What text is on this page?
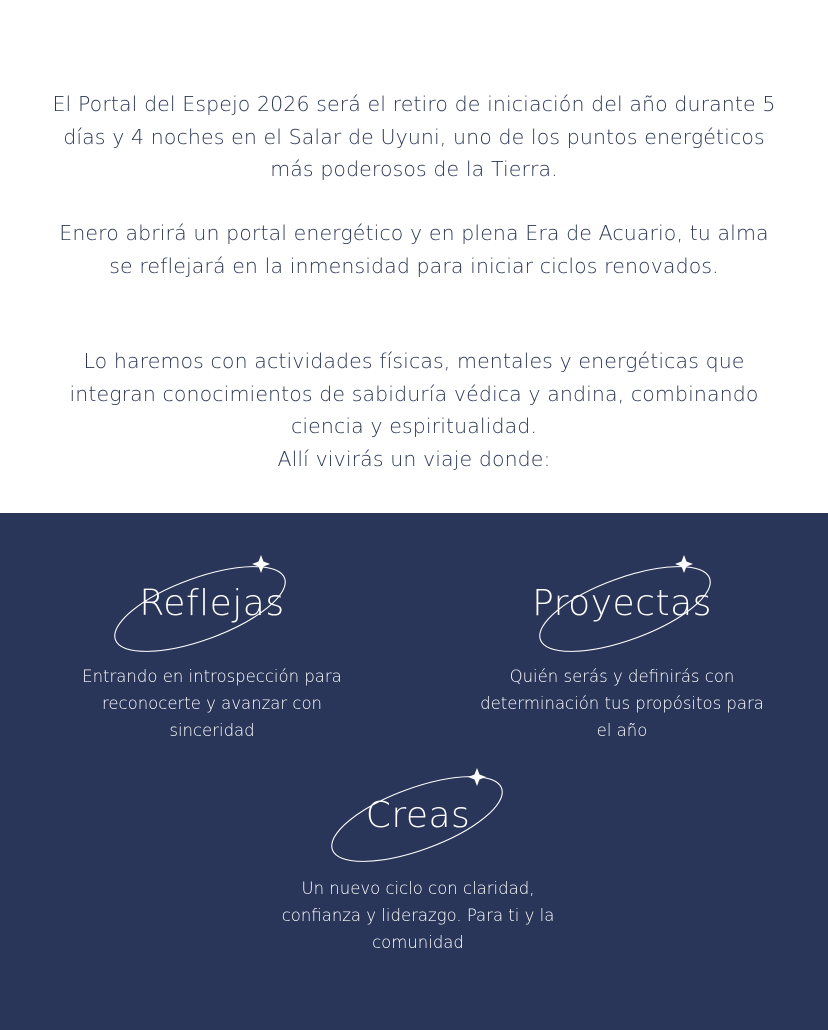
El Portal del Espejo 2026 será el retiro de iniciación del año durante 5 días y 4 noches en el Salar de Uyuni, uno de los puntos energéticos más poderosos de la Tierra.

Enero abrirá un portal energético y en plena Era de Acuario, tu alma se reflejará en la inmensidad para iniciar ciclos renovados.

Lo haremos con actividades físicas, mentales y energéticas que integran conocimientos de sabiduría védica y andina, combinando ciencia y espiritualidad.

Allí vivirás un viaje donde:

Reflejas

Entrando en introspección para reconocerte y avanzar con sinceridad

Proyectas

Quién serás y definirás con determinación tus propósitos para el año

Creas

Un nuevo ciclo con claridad, confianza y liderazgo. Para ti y la comunidad
